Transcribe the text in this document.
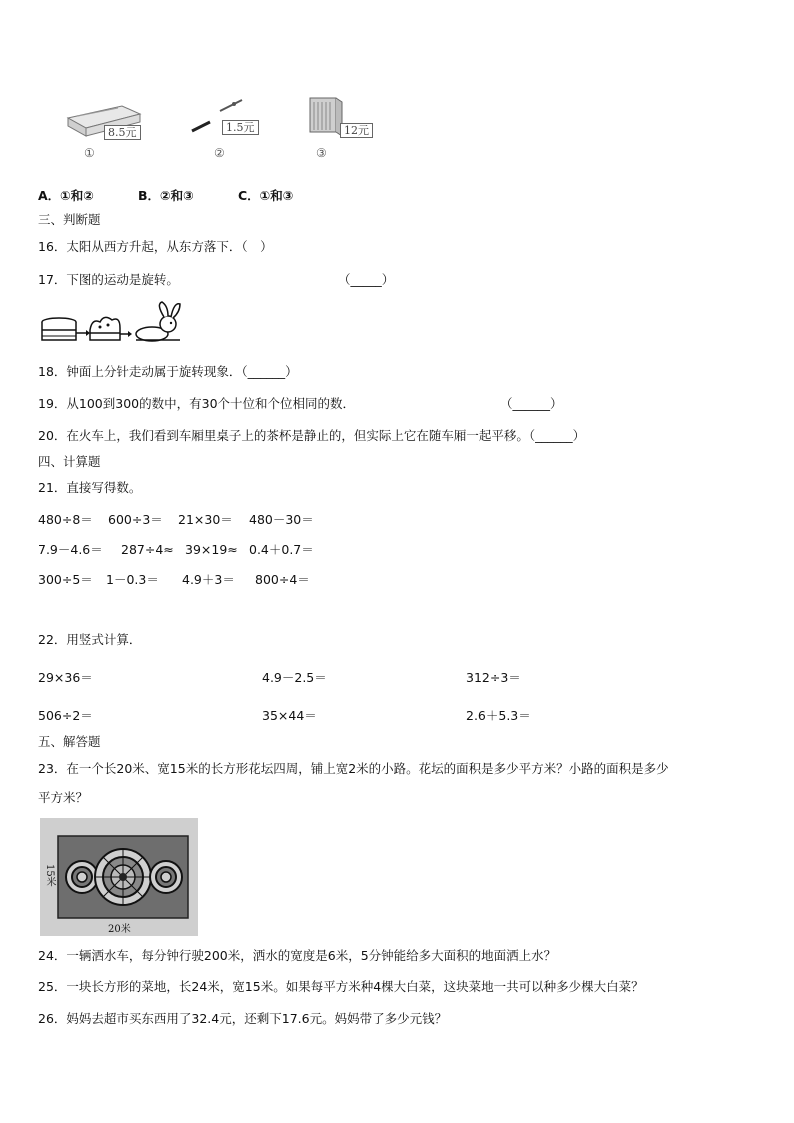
8.5元
①
1.5元
②
12元
③
A．①和②	B．②和③	C．①和③
三、判断题
16．太阳从西方升起，从东方落下．（　）
17．下图的运动是旋转。	（_____）
18．钟面上分针走动属于旋转现象．（______）
19．从100到300的数中，有30个十位和个位相同的数．	（______）
20．在火车上，我们看到车厢里桌子上的茶杯是静止的，但实际上它在随车厢一起平移。（______）
四、计算题
21．直接写得数。
480÷8＝ 600÷3＝ 21×30＝ 480－30＝
7.9－4.6＝ 287÷4≈ 39×19≈ 0.4＋0.7＝
300÷5＝ 1－0.3＝ 4.9＋3＝ 800÷4＝
22．用竖式计算．
29×36＝	4.9－2.5＝	312÷3＝
506÷2＝	35×44＝	2.6＋5.3＝
五、解答题
23．在一个长20米、宽15米的长方形花坛四周，铺上宽2米的小路。花坛的面积是多少平方米？小路的面积是多少
平方米？
15米
20米
24．一辆洒水车，每分钟行驶200米，洒水的宽度是6米，5分钟能给多大面积的地面洒上水？
25．一块长方形的菜地，长24米，宽15米。如果每平方米种4棵大白菜，这块菜地一共可以种多少棵大白菜？
26．妈妈去超市买东西用了32.4元，还剩下17.6元。妈妈带了多少元钱？
